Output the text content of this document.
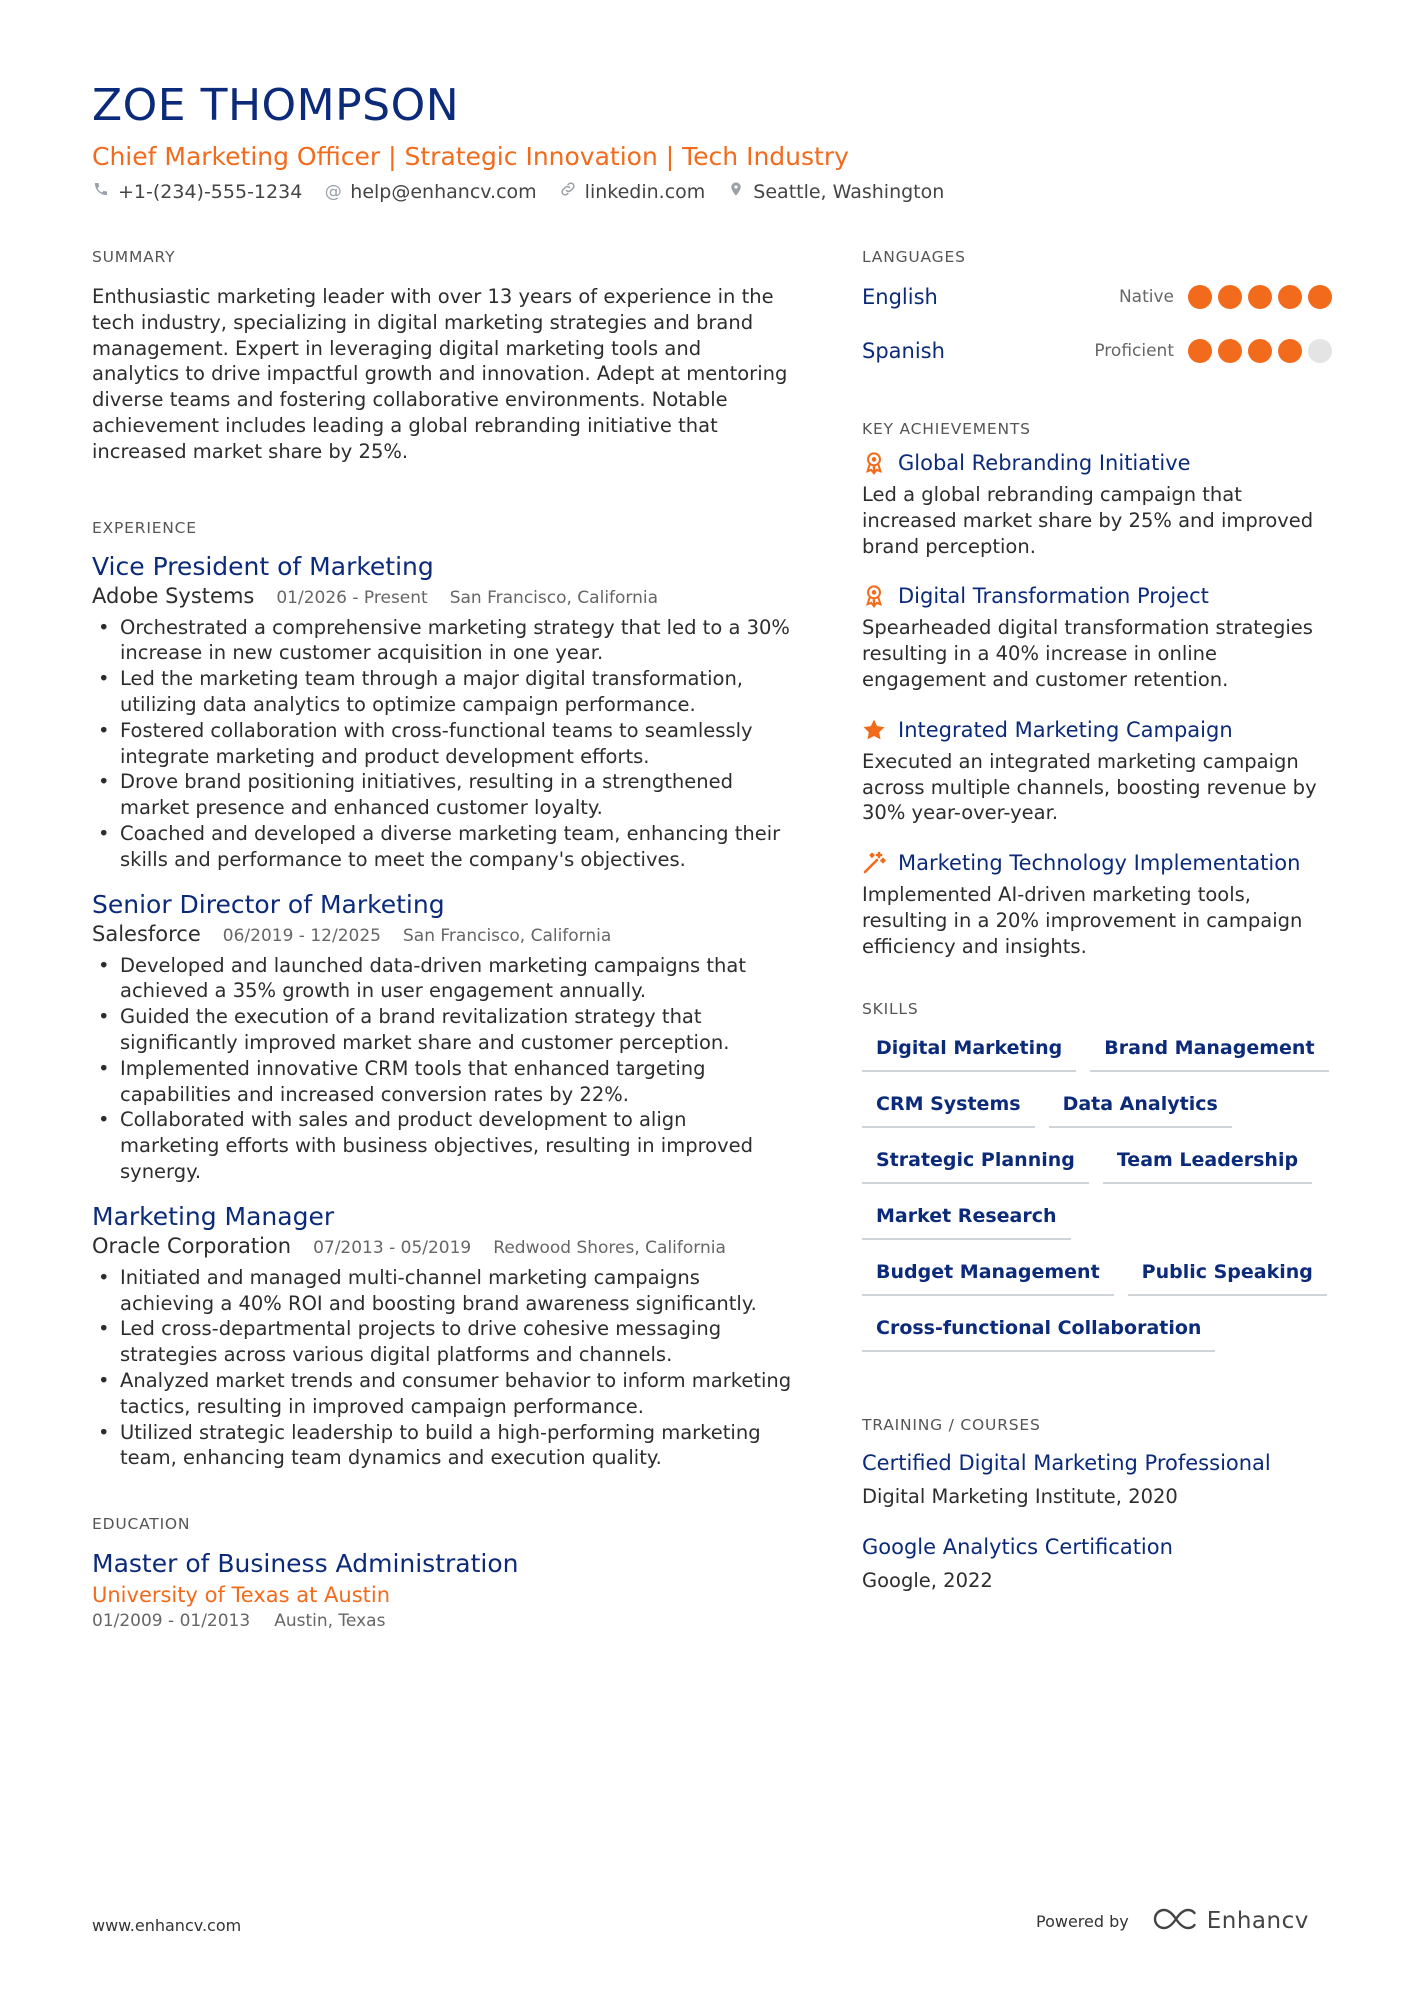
ZOE THOMPSON
Chief Marketing Officer | Strategic Innovation | Tech Industry
+1-(234)-555-1234 @ help@enhancv.com	linkedin.com	Seattle, Washington
SUMMARY

Enthusiastic marketing leader with over 13 years of experience in the tech industry, specializing in digital marketing strategies and brand management. Expert in leveraging digital marketing tools and analytics to drive impactful growth and innovation. Adept at mentoring diverse teams and fostering collaborative environments. Notable achievement includes leading a global rebranding initiative that increased market share by 25%.

EXPERIENCE
Vice President of Marketing
Adobe Systems 01/2026 - Present San Francisco, California
• Orchestrated a comprehensive marketing strategy that led to a 30% increase in new customer acquisition in one year.
• Led the marketing team through a major digital transformation, utilizing data analytics to optimize campaign performance.
• Fostered collaboration with cross-functional teams to seamlessly integrate marketing and product development efforts.
• Drove brand positioning initiatives, resulting in a strengthened market presence and enhanced customer loyalty.
• Coached and developed a diverse marketing team, enhancing their skills and performance to meet the company's objectives.
Senior Director of Marketing
Salesforce 06/2019 - 12/2025 San Francisco, California
• Developed and launched data-driven marketing campaigns that achieved a 35% growth in user engagement annually.
• Guided the execution of a brand revitalization strategy that significantly improved market share and customer perception.
• Implemented innovative CRM tools that enhanced targeting capabilities and increased conversion rates by 22%.
• Collaborated with sales and product development to align marketing efforts with business objectives, resulting in improved synergy.
Marketing Manager
Oracle Corporation 07/2013 - 05/2019 Redwood Shores, California
• Initiated and managed multi-channel marketing campaigns achieving a 40% ROI and boosting brand awareness significantly.
• Led cross-departmental projects to drive cohesive messaging strategies across various digital platforms and channels.
• Analyzed market trends and consumer behavior to inform marketing tactics, resulting in improved campaign performance.
• Utilized strategic leadership to build a high-performing marketing team, enhancing team dynamics and execution quality.
EDUCATION
Master of Business Administration
University of Texas at Austin
01/2009 - 01/2013 Austin, Texas
LANGUAGES
English	Native
Spanish	Proficient
KEY ACHIEVEMENTS
Global Rebranding Initiative
Led a global rebranding campaign that increased market share by 25% and improved brand perception.
Digital Transformation Project
Spearheaded digital transformation strategies resulting in a 40% increase in online engagement and customer retention.
Integrated Marketing Campaign
Executed an integrated marketing campaign across multiple channels, boosting revenue by 30% year-over-year.
Marketing Technology Implementation
Implemented AI-driven marketing tools, resulting in a 20% improvement in campaign efficiency and insights.
SKILLS
Digital Marketing	Brand Management
CRM Systems	Data Analytics
Strategic Planning	Team Leadership
Market Research
Budget Management	Public Speaking
Cross-functional Collaboration
TRAINING / COURSES
Certified Digital Marketing Professional
Digital Marketing Institute, 2020
Google Analytics Certification
Google, 2022
www.enhancv.com	Powered by	Enhancv
